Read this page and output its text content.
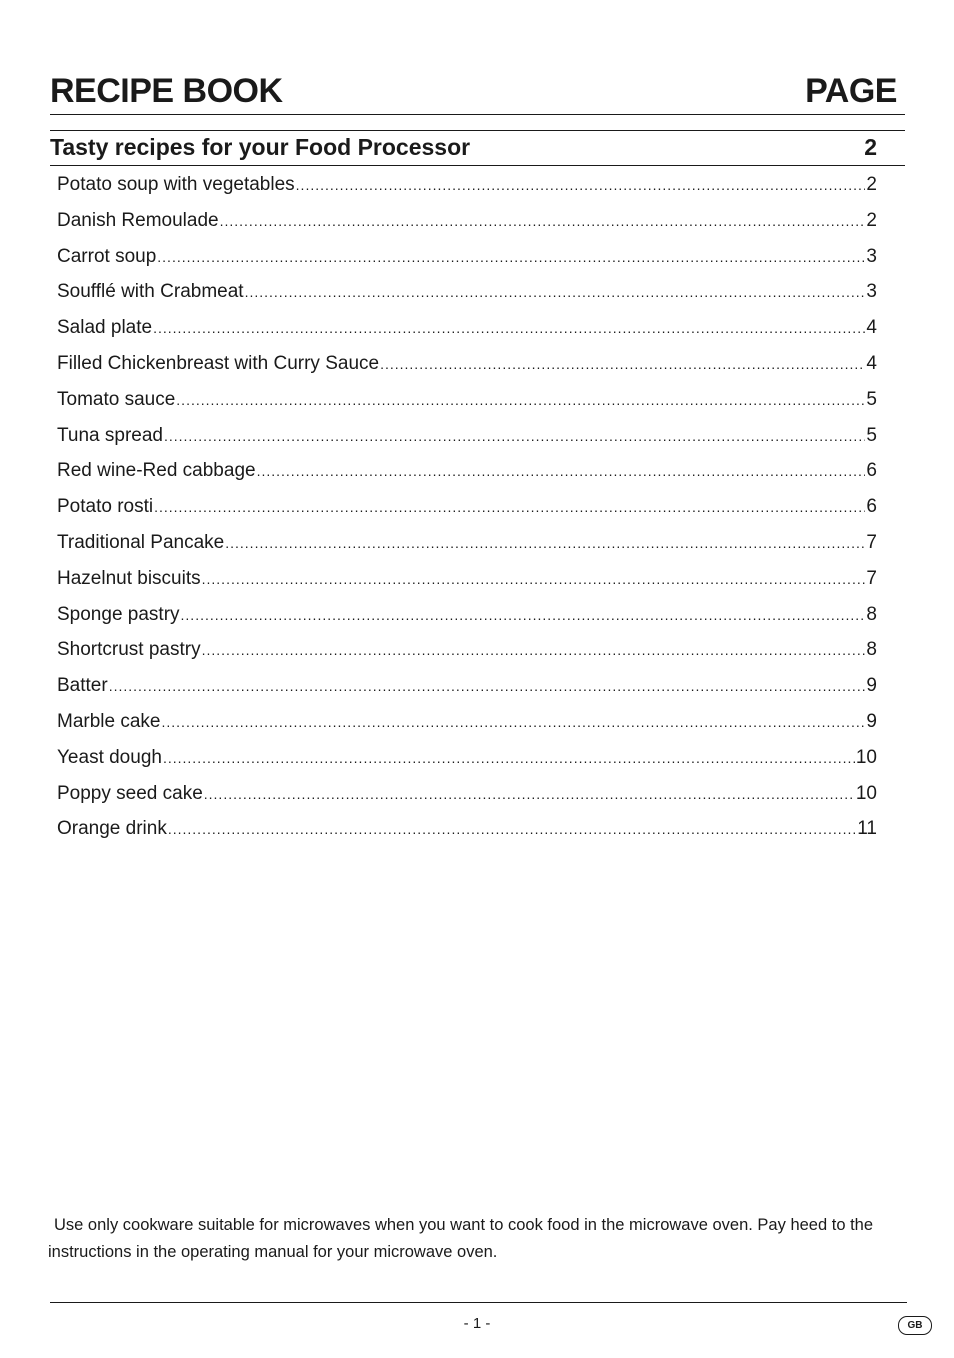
RECIPE BOOK	PAGE
Tasty recipes for your Food Processor	2
Potato soup with vegetables .....	2
Danish Remoulade .....	2
Carrot soup .....	3
Soufflé with Crabmeat .....	3
Salad plate .....	4
Filled Chickenbreast with Curry Sauce .....	4
Tomato sauce .....	5
Tuna spread .....	5
Red wine-Red cabbage .....	6
Potato rosti .....	6
Traditional Pancake .....	7
Hazelnut biscuits .....	7
Sponge pastry .....	8
Shortcrust pastry .....	8
Batter .....	9
Marble cake .....	9
Yeast dough .....	10
Poppy seed cake .....	10
Orange drink .....	11

Use only cookware suitable for microwaves when you want to cook food in the microwave oven. Pay heed to the instructions in the operating manual for your microwave oven.

- 1 -	GB
